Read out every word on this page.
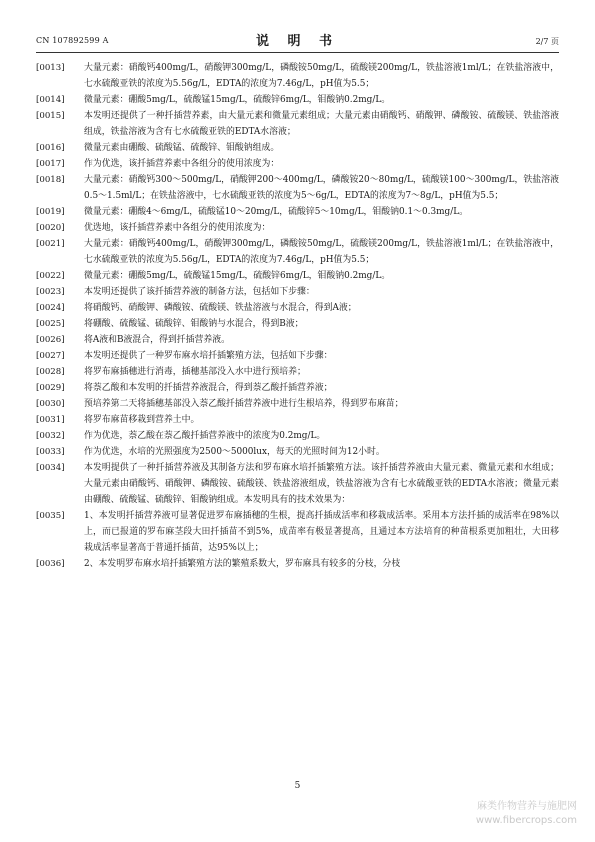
CN 107892599 A	说 明 书	2/7 页
[0013] 大量元素：硝酸钙400mg/L，硝酸钾300mg/L，磷酸铵50mg/L，硫酸镁200mg/L，铁盐溶液1ml/L；在铁盐溶液中，七水硫酸亚铁的浓度为5.56g/L，EDTA的浓度为7.46g/L，pH值为5.5；
[0014] 微量元素：硼酸5mg/L，硫酸锰15mg/L，硫酸锌6mg/L，钼酸钠0.2mg/L。
[0015] 本发明还提供了一种扦插营养素，由大量元素和微量元素组成；大量元素由硝酸钙、硝酸钾、磷酸铵、硫酸镁、铁盐溶液组成，铁盐溶液为含有七水硫酸亚铁的EDTA水溶液；
[0016] 微量元素由硼酸、硫酸锰、硫酸锌、钼酸钠组成。
[0017] 作为优选，该扦插营养素中各组分的使用浓度为：
[0018] 大量元素：硝酸钙300～500mg/L，硝酸钾200～400mg/L，磷酸铵20～80mg/L，硫酸镁100～300mg/L，铁盐溶液0.5～1.5ml/L；在铁盐溶液中，七水硫酸亚铁的浓度为5～6g/L，EDTA的浓度为7～8g/L，pH值为5.5；
[0019] 微量元素：硼酸4～6mg/L，硫酸锰10～20mg/L，硫酸锌5～10mg/L，钼酸钠0.1～0.3mg/L。
[0020] 优选地，该扦插营养素中各组分的使用浓度为：
[0021] 大量元素：硝酸钙400mg/L，硝酸钾300mg/L，磷酸铵50mg/L，硫酸镁200mg/L，铁盐溶液1ml/L；在铁盐溶液中，七水硫酸亚铁的浓度为5.56g/L，EDTA的浓度为7.46g/L，pH值为5.5；
[0022] 微量元素：硼酸5mg/L，硫酸锰15mg/L，硫酸锌6mg/L，钼酸钠0.2mg/L。
[0023] 本发明还提供了该扦插营养液的制备方法，包括如下步骤：
[0024] 将硝酸钙、硝酸钾、磷酸铵、硫酸镁、铁盐溶液与水混合，得到A液；
[0025] 将硼酸、硫酸锰、硫酸锌、钼酸钠与水混合，得到B液；
[0026] 将A液和B液混合，得到扦插营养液。
[0027] 本发明还提供了一种罗布麻水培扦插繁殖方法，包括如下步骤：
[0028] 将罗布麻插穗进行消毒，插穗基部没入水中进行预培养；
[0029] 将萘乙酸和本发明的扦插营养液混合，得到萘乙酸扦插营养液；
[0030] 预培养第二天将插穗基部没入萘乙酸扦插营养液中进行生根培养，得到罗布麻苗；
[0031] 将罗布麻苗移栽到营养土中。
[0032] 作为优选，萘乙酸在萘乙酸扦插营养液中的浓度为0.2mg/L。
[0033] 作为优选，水培的光照强度为2500～5000lux，每天的光照时间为12小时。
[0034] 本发明提供了一种扦插营养液及其制备方法和罗布麻水培扦插繁殖方法。该扦插营养液由大量元素、微量元素和水组成；大量元素由硝酸钙、硝酸钾、磷酸铵、硫酸镁、铁盐溶液组成，铁盐溶液为含有七水硫酸亚铁的EDTA水溶液；微量元素由硼酸、硫酸锰、硫酸锌、钼酸钠组成。本发明具有的技术效果为：
[0035] 1、本发明扦插营养液可显著促进罗布麻插穗的生根，提高扦插成活率和移栽成活率。采用本方法扦插的成活率在98%以上，而已报道的罗布麻茎段大田扦插苗不到5%，成苗率有极显著提高，且通过本方法培育的种苗根系更加粗壮，大田移栽成活率显著高于普通扦插苗，达95%以上；
[0036] 2、本发明罗布麻水培扦插繁殖方法的繁殖系数大，罗布麻具有较多的分枝，分枝
5
麻类作物营养与施肥网
www.fibercrops.com
